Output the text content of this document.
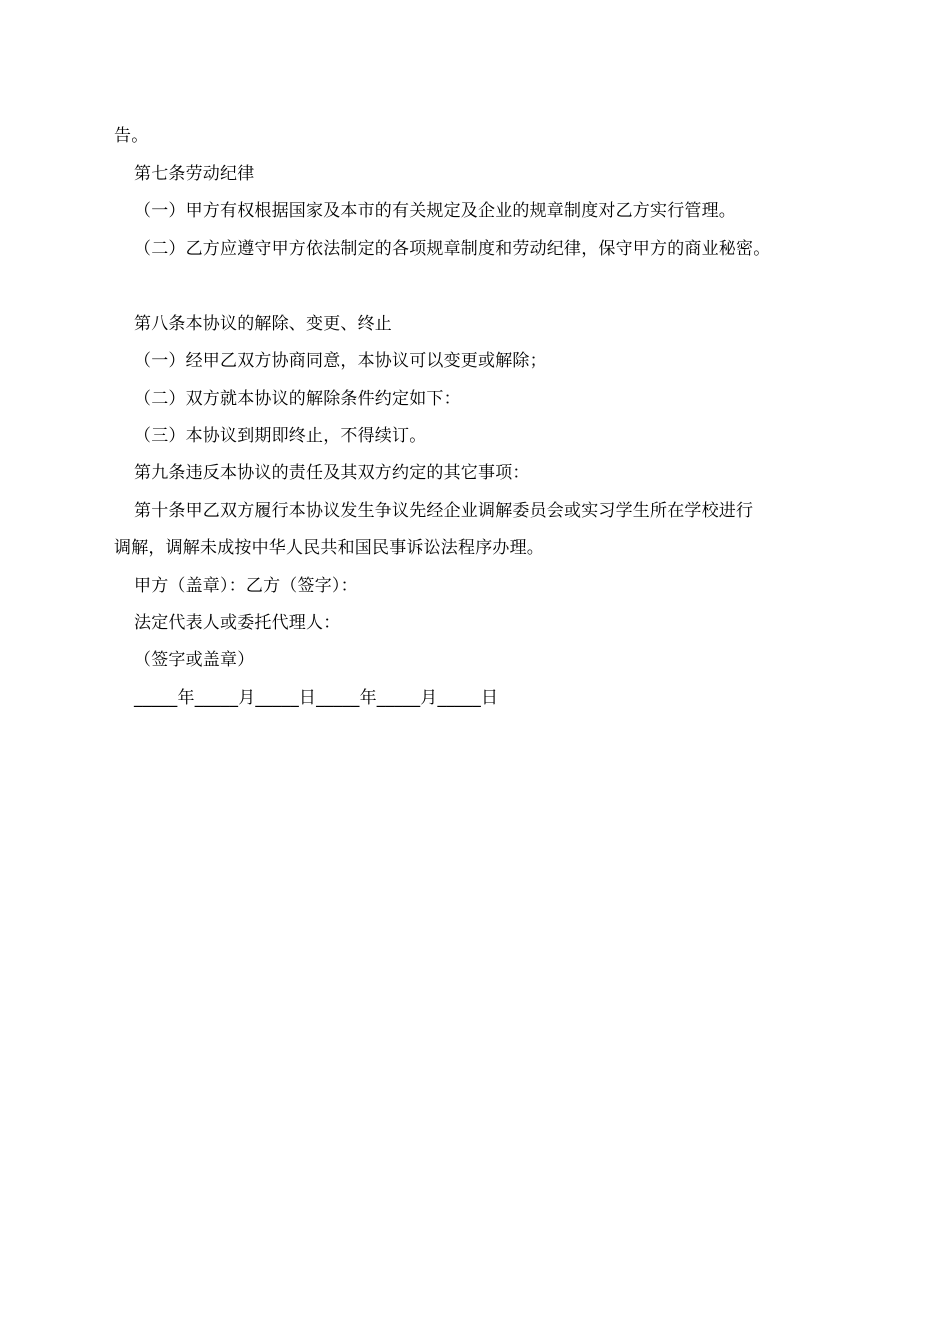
告。
第七条劳动纪律
（一）甲方有权根据国家及本市的有关规定及企业的规章制度对乙方实行管理。
（二）乙方应遵守甲方依法制定的各项规章制度和劳动纪律，保守甲方的商业秘密。
第八条本协议的解除、变更、终止
（一）经甲乙双方协商同意，本协议可以变更或解除；
（二）双方就本协议的解除条件约定如下：
（三）本协议到期即终止，不得续订。
第九条违反本协议的责任及其双方约定的其它事项：
第十条甲乙双方履行本协议发生争议先经企业调解委员会或实习学生所在学校进行
调解，调解未成按中华人民共和国民事诉讼法程序办理。
甲方（盖章）：乙方（签字）：
法定代表人或委托代理人：
（签字或盖章）
_____年_____月_____日_____年_____月_____日
